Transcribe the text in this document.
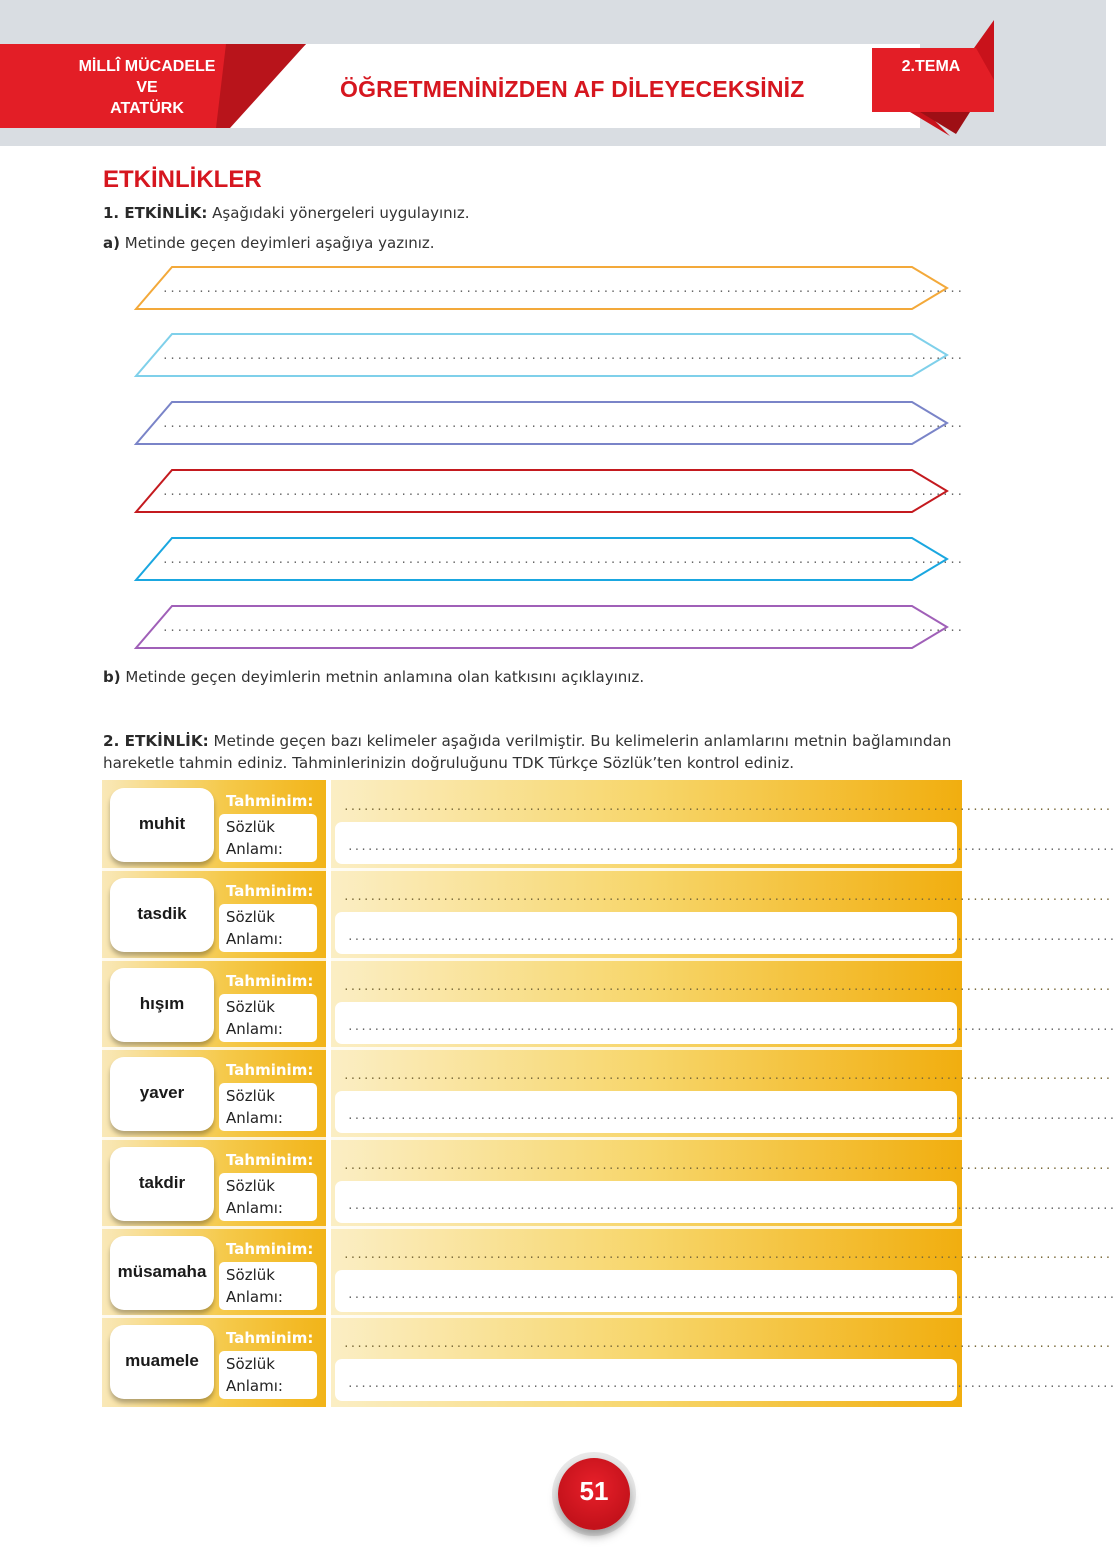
MİLLÎ MÜCADELE
VE
ATATÜRK
ÖĞRETMENİNİZDEN AF DİLEYECEKSİNİZ
2.TEMA
ETKİNLİKLER
1. ETKİNLİK: Aşağıdaki yönergeleri uygulayınız.
a) Metinde geçen deyimleri aşağıya yazınız.
...............................................................................................................
...............................................................................................................
...............................................................................................................
...............................................................................................................
...............................................................................................................
...............................................................................................................
b) Metinde geçen deyimlerin metnin anlamına olan katkısını açıklayınız.
2. ETKİNLİK: Metinde geçen bazı kelimeler aşağıda verilmiştir. Bu kelimelerin anlamlarını metnin bağlamından
hareketle tahmin ediniz. Tahminlerinizin doğruluğunu TDK Türkçe Sözlük’ten kontrol ediniz.
muhit
Tahminim:
Sözlük
Anlamı:
....................................................................................................................
....................................................................................................................
tasdik
Tahminim:
Sözlük
Anlamı:
....................................................................................................................
....................................................................................................................
hışım
Tahminim:
Sözlük
Anlamı:
....................................................................................................................
....................................................................................................................
yaver
Tahminim:
Sözlük
Anlamı:
....................................................................................................................
....................................................................................................................
takdir
Tahminim:
Sözlük
Anlamı:
....................................................................................................................
....................................................................................................................
müsamaha
Tahminim:
Sözlük
Anlamı:
....................................................................................................................
....................................................................................................................
muamele
Tahminim:
Sözlük
Anlamı:
....................................................................................................................
....................................................................................................................
51
